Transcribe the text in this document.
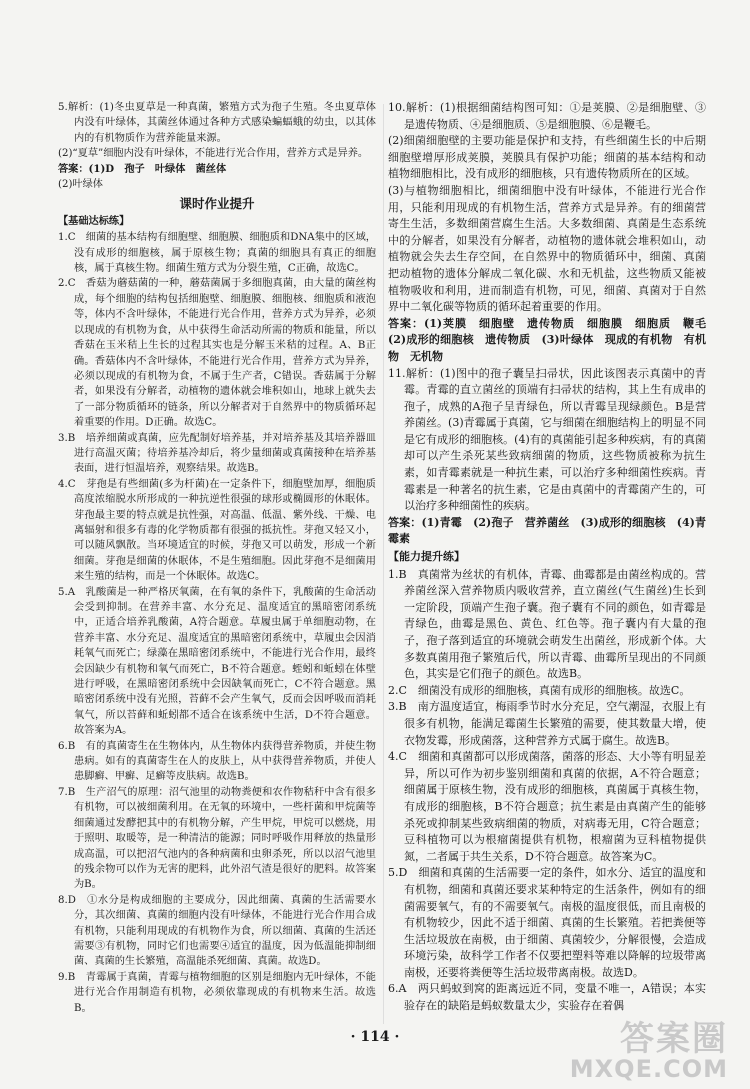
5.解析：(1)冬虫夏草是一种真菌，繁殖方式为孢子生殖。冬虫夏草体内没有叶绿体，其菌丝体通过各种方式感染蝙蝠蛾的幼虫，以其体内的有机物质作为营养能量来源。

(2)“夏草”细胞内没有叶绿体，不能进行光合作用，营养方式是异养。

答案：(1)D　孢子　叶绿体　菌丝体

(2)叶绿体

课时作业提升
【基础达标练】

1.C　细菌的基本结构有细胞壁、细胞膜、细胞质和DNA集中的区域，没有成形的细胞核，属于原核生物；真菌的细胞具有真正的细胞核，属于真核生物。细菌生殖方式为分裂生殖，C正确，故选C。

2.C　香菇为蘑菇菌的一种，蘑菇菌属于多细胞真菌，由大量的菌丝构成，每个细胞的结构包括细胞壁、细胞膜、细胞核、细胞质和液泡等，体内不含叶绿体，不能进行光合作用，营养方式为异养，必须以现成的有机物为食，从中获得生命活动所需的物质和能量，所以香菇在玉米秸上生长的过程其实也是分解玉米秸的过程。A、B正确。香菇体内不含叶绿体，不能进行光合作用，营养方式为异养，必须以现成的有机物为食，不属于生产者，C错误。香菇属于分解者，如果没有分解者，动植物的遗体就会堆积如山，地球上就失去了一部分物质循环的链条，所以分解者对于自然界中的物质循环起着重要的作用。D正确。故选C。

3.B　培养细菌或真菌，应先配制好培养基，并对培养基及其培养器皿进行高温灭菌；待培养基冷却后，将少量细菌或真菌接种在培养基表面，进行恒温培养，观察结果。故选B。

4.C　芽孢是有些细菌(多为杆菌)在一定条件下，细胞壁加厚，细胞质高度浓缩脱水所形成的一种抗逆性很强的球形或椭圆形的休眠体。芽孢最主要的特点就是抗性强，对高温、低温、紫外线、干燥、电离辐射和很多有毒的化学物质都有很强的抵抗性。芽孢又轻又小，可以随风飘散。当环境适宜的时候，芽孢又可以萌发，形成一个新细菌。芽孢是细菌的休眠体，不是生殖细胞。因此芽孢不是细菌用来生殖的结构，而是一个休眠体。故选C。

5.A　乳酸菌是一种严格厌氧菌，在有氧的条件下，乳酸菌的生命活动会受到抑制。在营养丰富、水分充足、温度适宜的黑暗密闭系统中，正适合培养乳酸菌，A符合题意。草履虫属于单细胞动物，在营养丰富、水分充足、温度适宜的黑暗密闭系统中，草履虫会因消耗氧气而死亡；绿藻在黑暗密闭系统中，不能进行光合作用，最终会因缺少有机物和氧气而死亡，B不符合题意。蛭蚓和蚯蚓在体壁进行呼吸，在黑暗密闭系统中会因缺氧而死亡，C不符合题意。黑暗密闭系统中没有光照，苔藓不会产生氧气，反而会因呼吸而消耗氧气，所以苔藓和蚯蚓都不适合在该系统中生活，D不符合题意。故答案为A。

6.B　有的真菌寄生在生物体内，从生物体内获得营养物质，并使生物患病。如有的真菌寄生在人的皮肤上，从中获得营养物质，并使人患脚癣、甲癣、足癣等皮肤病。故选B。

7.B　生产沼气的原理：沼气池里的动物粪便和农作物秸秆中含有很多有机物，可以被细菌利用。在无氧的环境中，一些杆菌和甲烷菌等细菌通过发酵把其中的有机物分解，产生甲烷，甲烷可以燃烧，用于照明、取暖等，是一种清洁的能源；同时呼吸作用释放的热量形成高温，可以把沼气池内的各种病菌和虫卵杀死，所以以沼气池里的残余物可以作为无害的肥料，此外沼气渣是很好的肥料。故答案为B。

8.D　①水分是构成细胞的主要成分，因此细菌、真菌的生活需要水分，其次细菌、真菌的细胞内没有叶绿体，不能进行光合作用合成有机物，只能利用现成的有机物作为食，所以细菌、真菌的生活还需要③有机物，同时它们也需要④适宜的温度，因为低温能抑制细菌、真菌的生长繁殖，高温能杀死细菌、真菌。故选D。

9.B　青霉属于真菌，青霉与植物细胞的区别是细胞内无叶绿体，不能进行光合作用制造有机物，必须依靠现成的有机物来生活。故选B。

10.解析：(1)根据细菌结构图可知：①是荚膜、②是细胞壁、③是遗传物质、④是细胞质、⑤是细胞膜、⑥是鞭毛。

(2)细菌细胞壁的主要功能是保护和支持，有些细菌生长的中后期细胞壁增厚形成荚膜，荚膜具有保护功能；细菌的基本结构和动植物细胞相比，没有成形的细胞核，只有遗传物质所在的区域。

(3)与植物细胞相比，细菌细胞中没有叶绿体，不能进行光合作用，只能利用现成的有机物生活，营养方式是异养。有的细菌营寄生生活，多数细菌营腐生生活。大多数细菌、真菌是生态系统中的分解者，如果没有分解者，动植物的遗体就会堆积如山，动植物就会失去生存空间，在自然界中的物质循环中，细菌、真菌把动植物的遗体分解成二氧化碳、水和无机盐，这些物质又能被植物吸收和利用，进而制造有机物，可见，细菌、真菌对于自然界中二氧化碳等物质的循环起着重要的作用。

答案：(1)荚膜　细胞壁　遗传物质　细胞膜　细胞质　鞭毛　(2)成形的细胞核　遗传物质　(3)叶绿体　现成的有机物　有机物　无机物

11.解析：(1)图中的孢子囊呈扫帚状，因此该图表示真菌中的青霉。青霉的直立菌丝的顶端有扫帚状的结构，其上生有成串的孢子，成熟的A孢子呈青绿色，所以青霉呈现绿颜色。B是营养菌丝。(3)青霉属于真菌，它与细菌在细胞结构上的明显不同是它有成形的细胞核。(4)有的真菌能引起多种疾病，有的真菌却可以产生杀死某些致病细菌的物质，这些物质被称为抗生素，如青霉素就是一种抗生素，可以治疗多种细菌性疾病。青霉素是一种著名的抗生素，它是由真菌中的青霉菌产生的，可以治疗多种细菌性的疾病。

答案：(1)青霉　(2)孢子　营养菌丝　(3)成形的细胞核　(4)青霉素

【能力提升练】

1.B　真菌常为丝状的有机体，青霉、曲霉都是由菌丝构成的。营养菌丝深入营养物质内吸收营养，直立菌丝(气生菌丝)生长到一定阶段，顶端产生孢子囊。孢子囊有不同的颜色，如青霉是青绿色，曲霉是黑色、黄色、红色等。孢子囊内有大量的孢子，孢子落到适宜的环境就会萌发生出菌丝，形成新个体。大多数真菌用孢子繁殖后代，所以青霉、曲霉所呈现出的不同颜色，其实是它们孢子的颜色。故选B。

2.C　细菌没有成形的细胞核，真菌有成形的细胞核。故选C。

3.B　南方温度适宜，梅雨季节时水分充足，空气潮湿，衣服上有很多有机物，能满足霉菌生长繁殖的需要，使其数量大增，使衣物发霉，形成菌落，这种营养方式属于腐生。故选B。

4.C　细菌和真菌都可以形成菌落，菌落的形态、大小等有明显差异，所以可作为初步鉴别细菌和真菌的依据，A不符合题意；细菌属于原核生物，没有成形的细胞核，真菌属于真核生物，有成形的细胞核，B不符合题意；抗生素是由真菌产生的能够杀死或抑制某些致病细菌的物质，对病毒无用，C符合题意；豆科植物可以为根瘤菌提供有机物，根瘤菌为豆科植物提供氮，二者属于共生关系，D不符合题意。故答案为C。

5.D　细菌和真菌的生活需要一定的条件，如水分、适宜的温度和有机物，细菌和真菌还要求某种特定的生活条件，例如有的细菌需要氧气，有的不需要氧气。南极的温度很低，而且南极的有机物较少，因此不适于细菌、真菌的生长繁殖。若把粪便等生活垃圾放在南极，由于细菌、真菌较少，分解很慢，会造成环境污染，故科学工作者不仅要把塑料等难以降解的垃圾带离南极，还要将粪便等生活垃圾带离南极。故选D。

6.A　两只蚂蚁到窝的距离远近不同，变量不唯一，A错误；本实验存在的缺陷是蚂蚁数量太少，实验存在着偶

· 114 ·	答案圈
MXQE.COM
